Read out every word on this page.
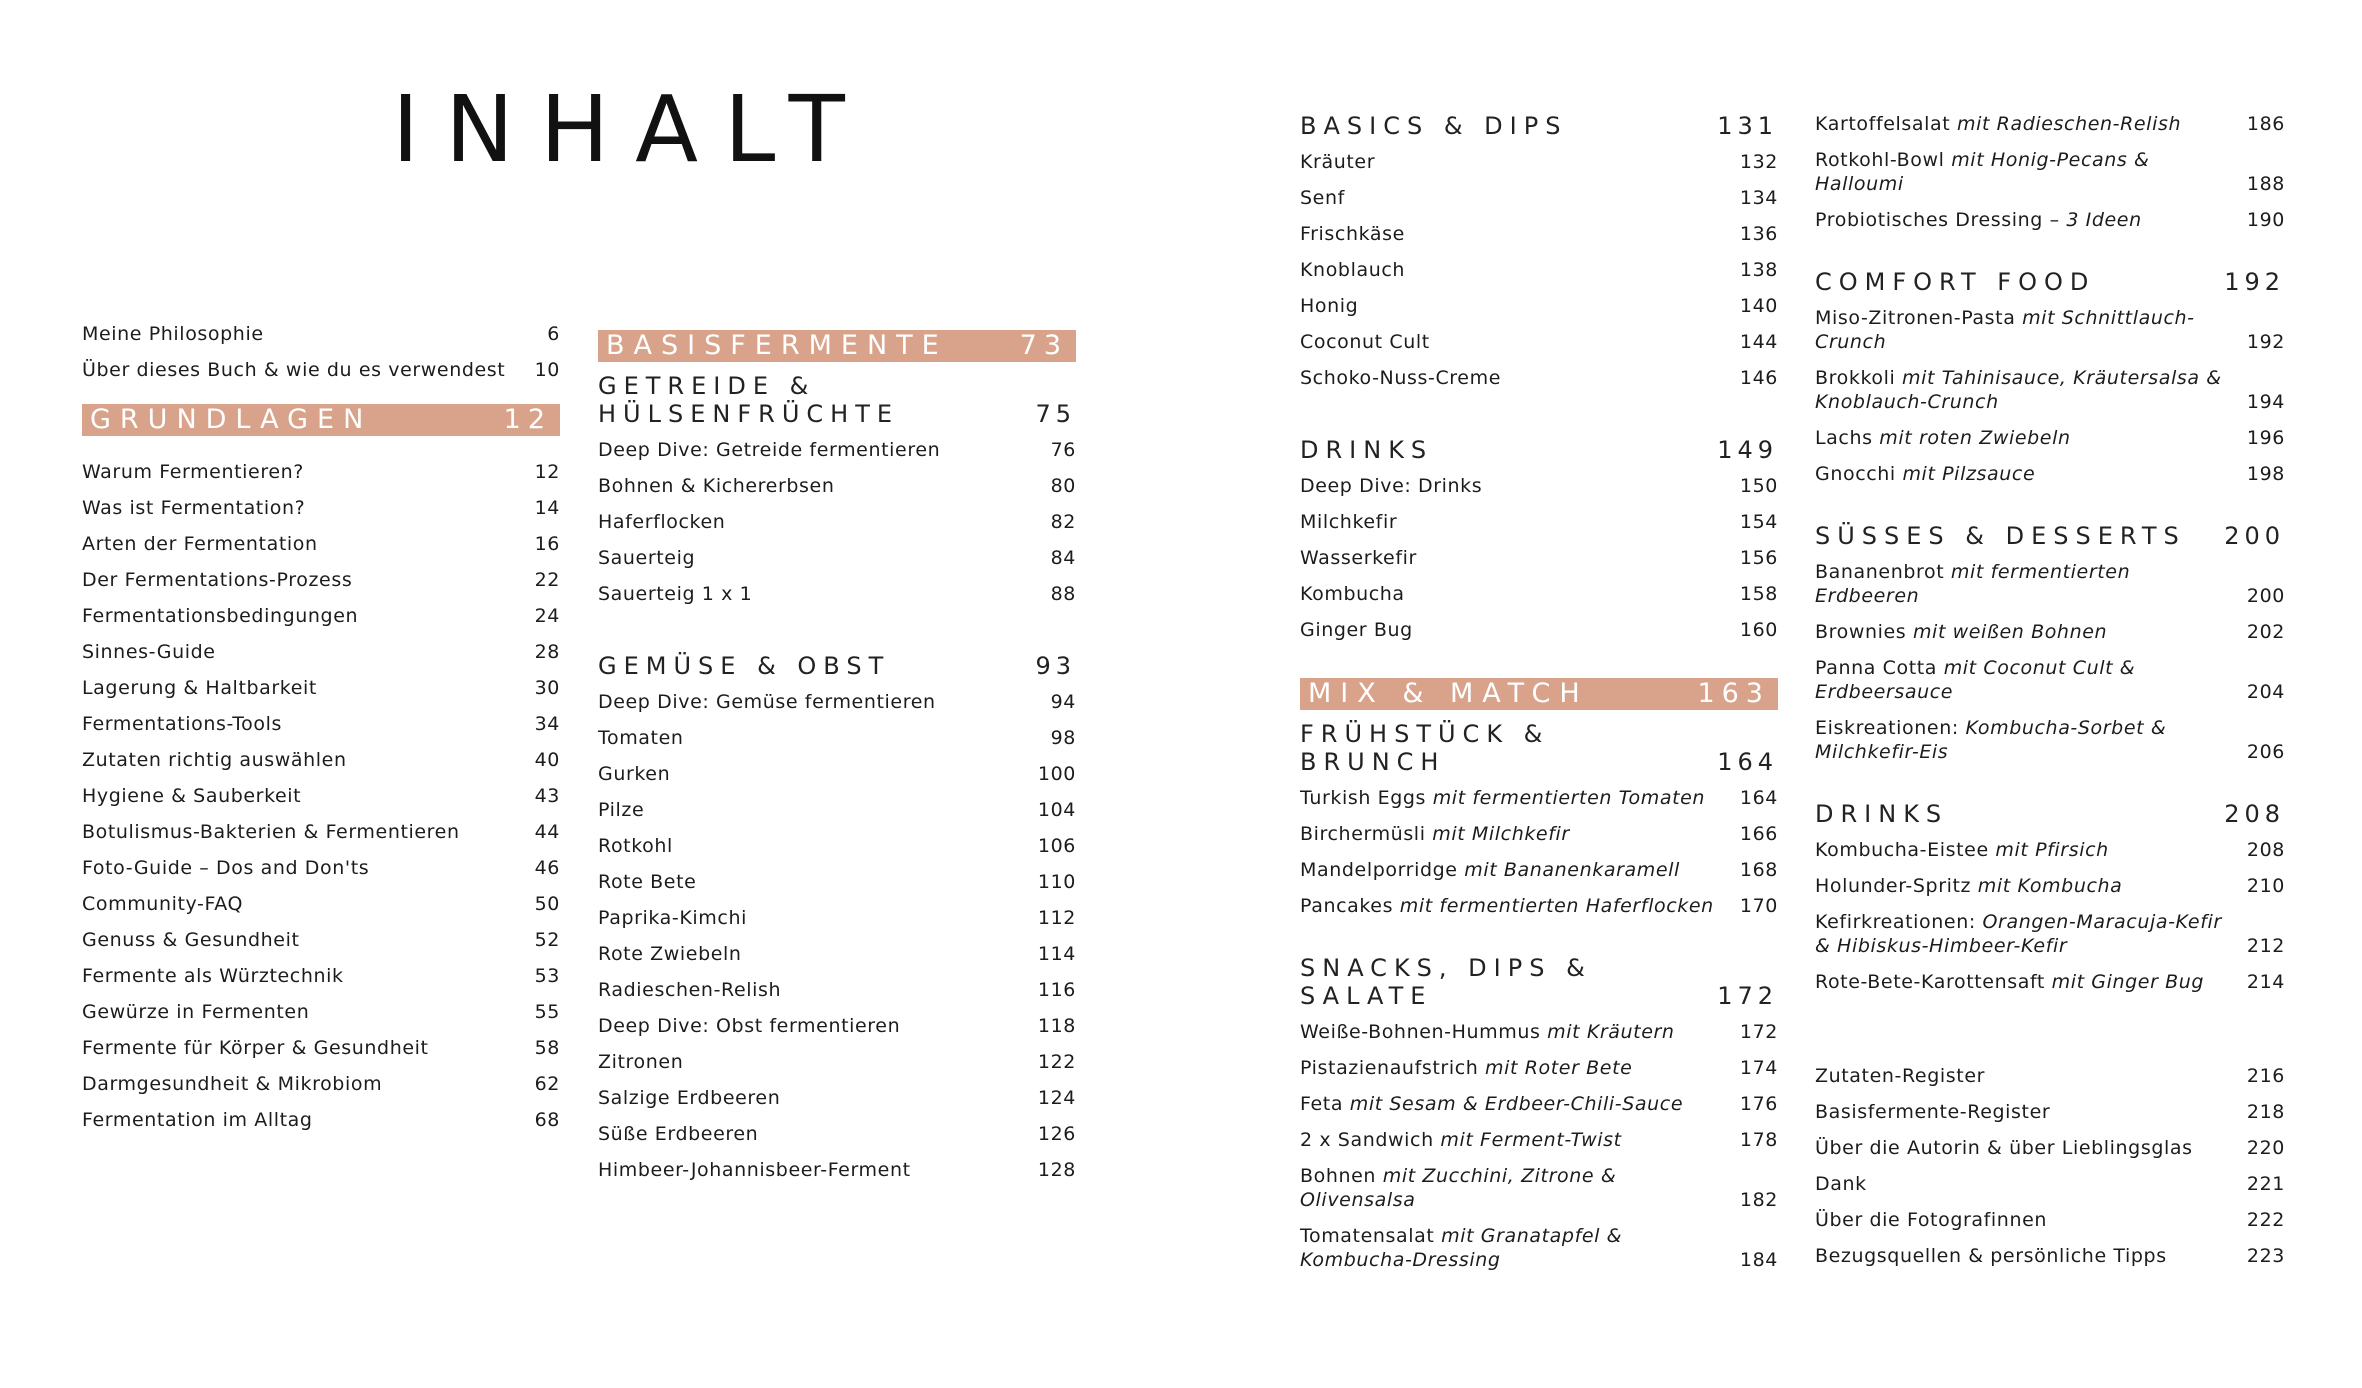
INHALT
Meine Philosophie	6
Über dieses Buch & wie du es verwendest	10
GRUNDLAGEN	12
Warum Fermentieren?	12
Was ist Fermentation?	14
Arten der Fermentation	16
Der Fermentations-Prozess	22
Fermentationsbedingungen	24
Sinnes-Guide	28
Lagerung & Haltbarkeit	30
Fermentations-Tools	34
Zutaten richtig auswählen	40
Hygiene & Sauberkeit	43
Botulismus-Bakterien & Fermentieren	44
Foto-Guide – Dos and Don'ts	46
Community-FAQ	50
Genuss & Gesundheit	52
Fermente als Würztechnik	53
Gewürze in Fermenten	55
Fermente für Körper & Gesundheit	58
Darmgesundheit & Mikrobiom	62
Fermentation im Alltag	68
BASISFERMENTE	73
GETREIDE & HÜLSENFRÜCHTE	75
Deep Dive: Getreide fermentieren	76
Bohnen & Kichererbsen	80
Haferflocken	82
Sauerteig	84
Sauerteig 1 x 1	88
GEMÜSE & OBST	93
Deep Dive: Gemüse fermentieren	94
Tomaten	98
Gurken	100
Pilze	104
Rotkohl	106
Rote Bete	110
Paprika-Kimchi	112
Rote Zwiebeln	114
Radieschen-Relish	116
Deep Dive: Obst fermentieren	118
Zitronen	122
Salzige Erdbeeren	124
Süße Erdbeeren	126
Himbeer-Johannisbeer-Ferment	128
BASICS & DIPS	131
Kräuter	132
Senf	134
Frischkäse	136
Knoblauch	138
Honig	140
Coconut Cult	144
Schoko-Nuss-Creme	146
DRINKS	149
Deep Dive: Drinks	150
Milchkefir	154
Wasserkefir	156
Kombucha	158
Ginger Bug	160
MIX & MATCH	163
FRÜHSTÜCK & BRUNCH	164
Turkish Eggs mit fermentierten Tomaten	164
Birchermüsli mit Milchkefir	166
Mandelporridge mit Bananenkaramell	168
Pancakes mit fermentierten Haferflocken	170
SNACKS, DIPS & SALATE	172
Weiße-Bohnen-Hummus mit Kräutern	172
Pistazienaufstrich mit Roter Bete	174
Feta mit Sesam & Erdbeer-Chili-Sauce	176
2 x Sandwich mit Ferment-Twist	178
Bohnen mit Zucchini, Zitrone & Olivensalsa	182
Tomatensalat mit Granatapfel & Kombucha-Dressing	184
Kartoffelsalat mit Radieschen-Relish	186
Rotkohl-Bowl mit Honig-Pecans & Halloumi	188
Probiotisches Dressing – 3 Ideen	190
COMFORT FOOD	192
Miso-Zitronen-Pasta mit Schnittlauch-Crunch	192
Brokkoli mit Tahinisauce, Kräutersalsa & Knoblauch-Crunch	194
Lachs mit roten Zwiebeln	196
Gnocchi mit Pilzsauce	198
SÜSSES & DESSERTS	200
Bananenbrot mit fermentierten Erdbeeren	200
Brownies mit weißen Bohnen	202
Panna Cotta mit Coconut Cult & Erdbeersauce	204
Eiskreationen: Kombucha-Sorbet & Milchkefir-Eis	206
DRINKS	208
Kombucha-Eistee mit Pfirsich	208
Holunder-Spritz mit Kombucha	210
Kefirkreationen: Orangen-Maracuja-Kefir & Hibiskus-Himbeer-Kefir	212
Rote-Bete-Karottensaft mit Ginger Bug	214
Zutaten-Register	216
Basisfermente-Register	218
Über die Autorin & über Lieblingsglas	220
Dank	221
Über die Fotografinnen	222
Bezugsquellen & persönliche Tipps	223
